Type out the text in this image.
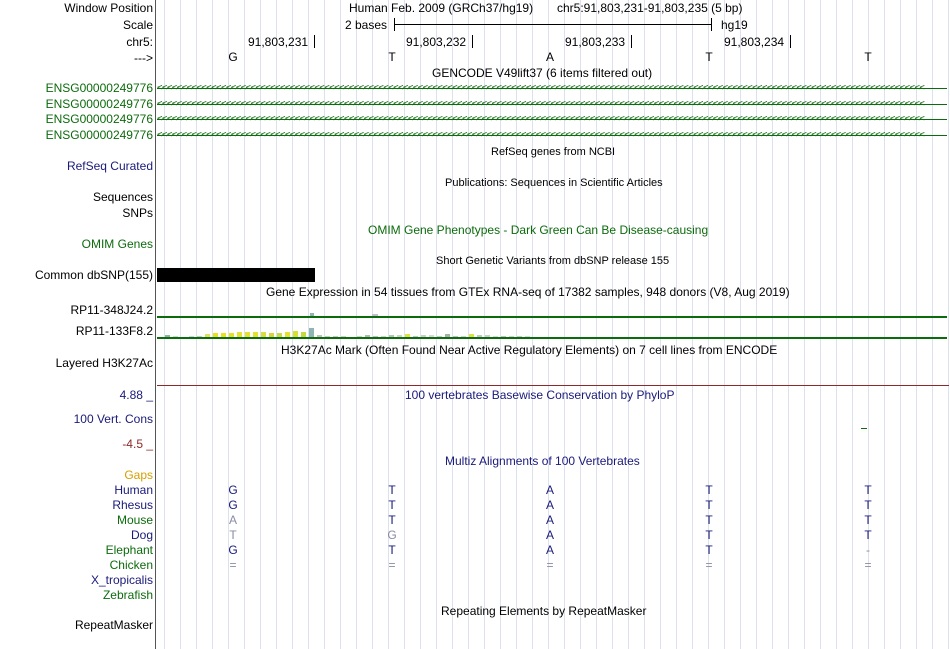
Window Position
Scale
chr5:
--->
ENSG00000249776
ENSG00000249776
ENSG00000249776
ENSG00000249776
RefSeq Curated
Sequences
SNPs
OMIM Genes
Common dbSNP(155)
RP11-348J24.2
RP11-133F8.2
Layered H3K27Ac
4.88 _
100 Vert. Cons
-4.5 _
Gaps
Human
Rhesus
Mouse
Dog
Elephant
Chicken
X_tropicalis
Zebrafish
RepeatMasker
Human Feb. 2009 (GRCh37/hg19) chr5:91,803,231-91,803,235 (5 bp)
2 bases	hg19
91,803,231	91,803,232	91,803,233	91,803,234
G	T	A	T	T
GENCODE V49lift37 (6 items filtered out)
<<<<<<<<<<<<<<<<<<<<<<<<<<<<<<<<<<<<<<<<<<<<<<<<<<<<<<<<<<<<<<<<<<<<<<<<<<<<<<<<<<<<<<<<<<<<<<<<<<<<<<<<<<<<<<<<<<<<<<<<<<<<<<<<<<<<<<<<<<<<<<<<<<<<<<<<<<<<
<<<<<<<<<<<<<<<<<<<<<<<<<<<<<<<<<<<<<<<<<<<<<<<<<<<<<<<<<<<<<<<<<<<<<<<<<<<<<<<<<<<<<<<<<<<<<<<<<<<<<<<<<<<<<<<<<<<<<<<<<<<<<<<<<<<<<<<<<<<<<<<<<<<<<<<<<<<<
<<<<<<<<<<<<<<<<<<<<<<<<<<<<<<<<<<<<<<<<<<<<<<<<<<<<<<<<<<<<<<<<<<<<<<<<<<<<<<<<<<<<<<<<<<<<<<<<<<<<<<<<<<<<<<<<<<<<<<<<<<<<<<<<<<<<<<<<<<<<<<<<<<<<<<<<<<<<
<<<<<<<<<<<<<<<<<<<<<<<<<<<<<<<<<<<<<<<<<<<<<<<<<<<<<<<<<<<<<<<<<<<<<<<<<<<<<<<<<<<<<<<<<<<<<<<<<<<<<<<<<<<<<<<<<<<<<<<<<<<<<<<<<<<<<<<<<<<<<<<<<<<<<<<<<<<<
RefSeq genes from NCBI
Publications: Sequences in Scientific Articles
OMIM Gene Phenotypes - Dark Green Can Be Disease-causing
Short Genetic Variants from dbSNP release 155
Gene Expression in 54 tissues from GTEx RNA-seq of 17382 samples, 948 donors (V8, Aug 2019)
H3K27Ac Mark (Often Found Near Active Regulatory Elements) on 7 cell lines from ENCODE
100 vertebrates Basewise Conservation by PhyloP
Multiz Alignments of 100 Vertebrates
G	T	A	T	T
G	T	A	T	T
A	T	A	T	T
T	G	A	T	T
G	T	A	T	-
=	=	=	=	=
Repeating Elements by RepeatMasker
